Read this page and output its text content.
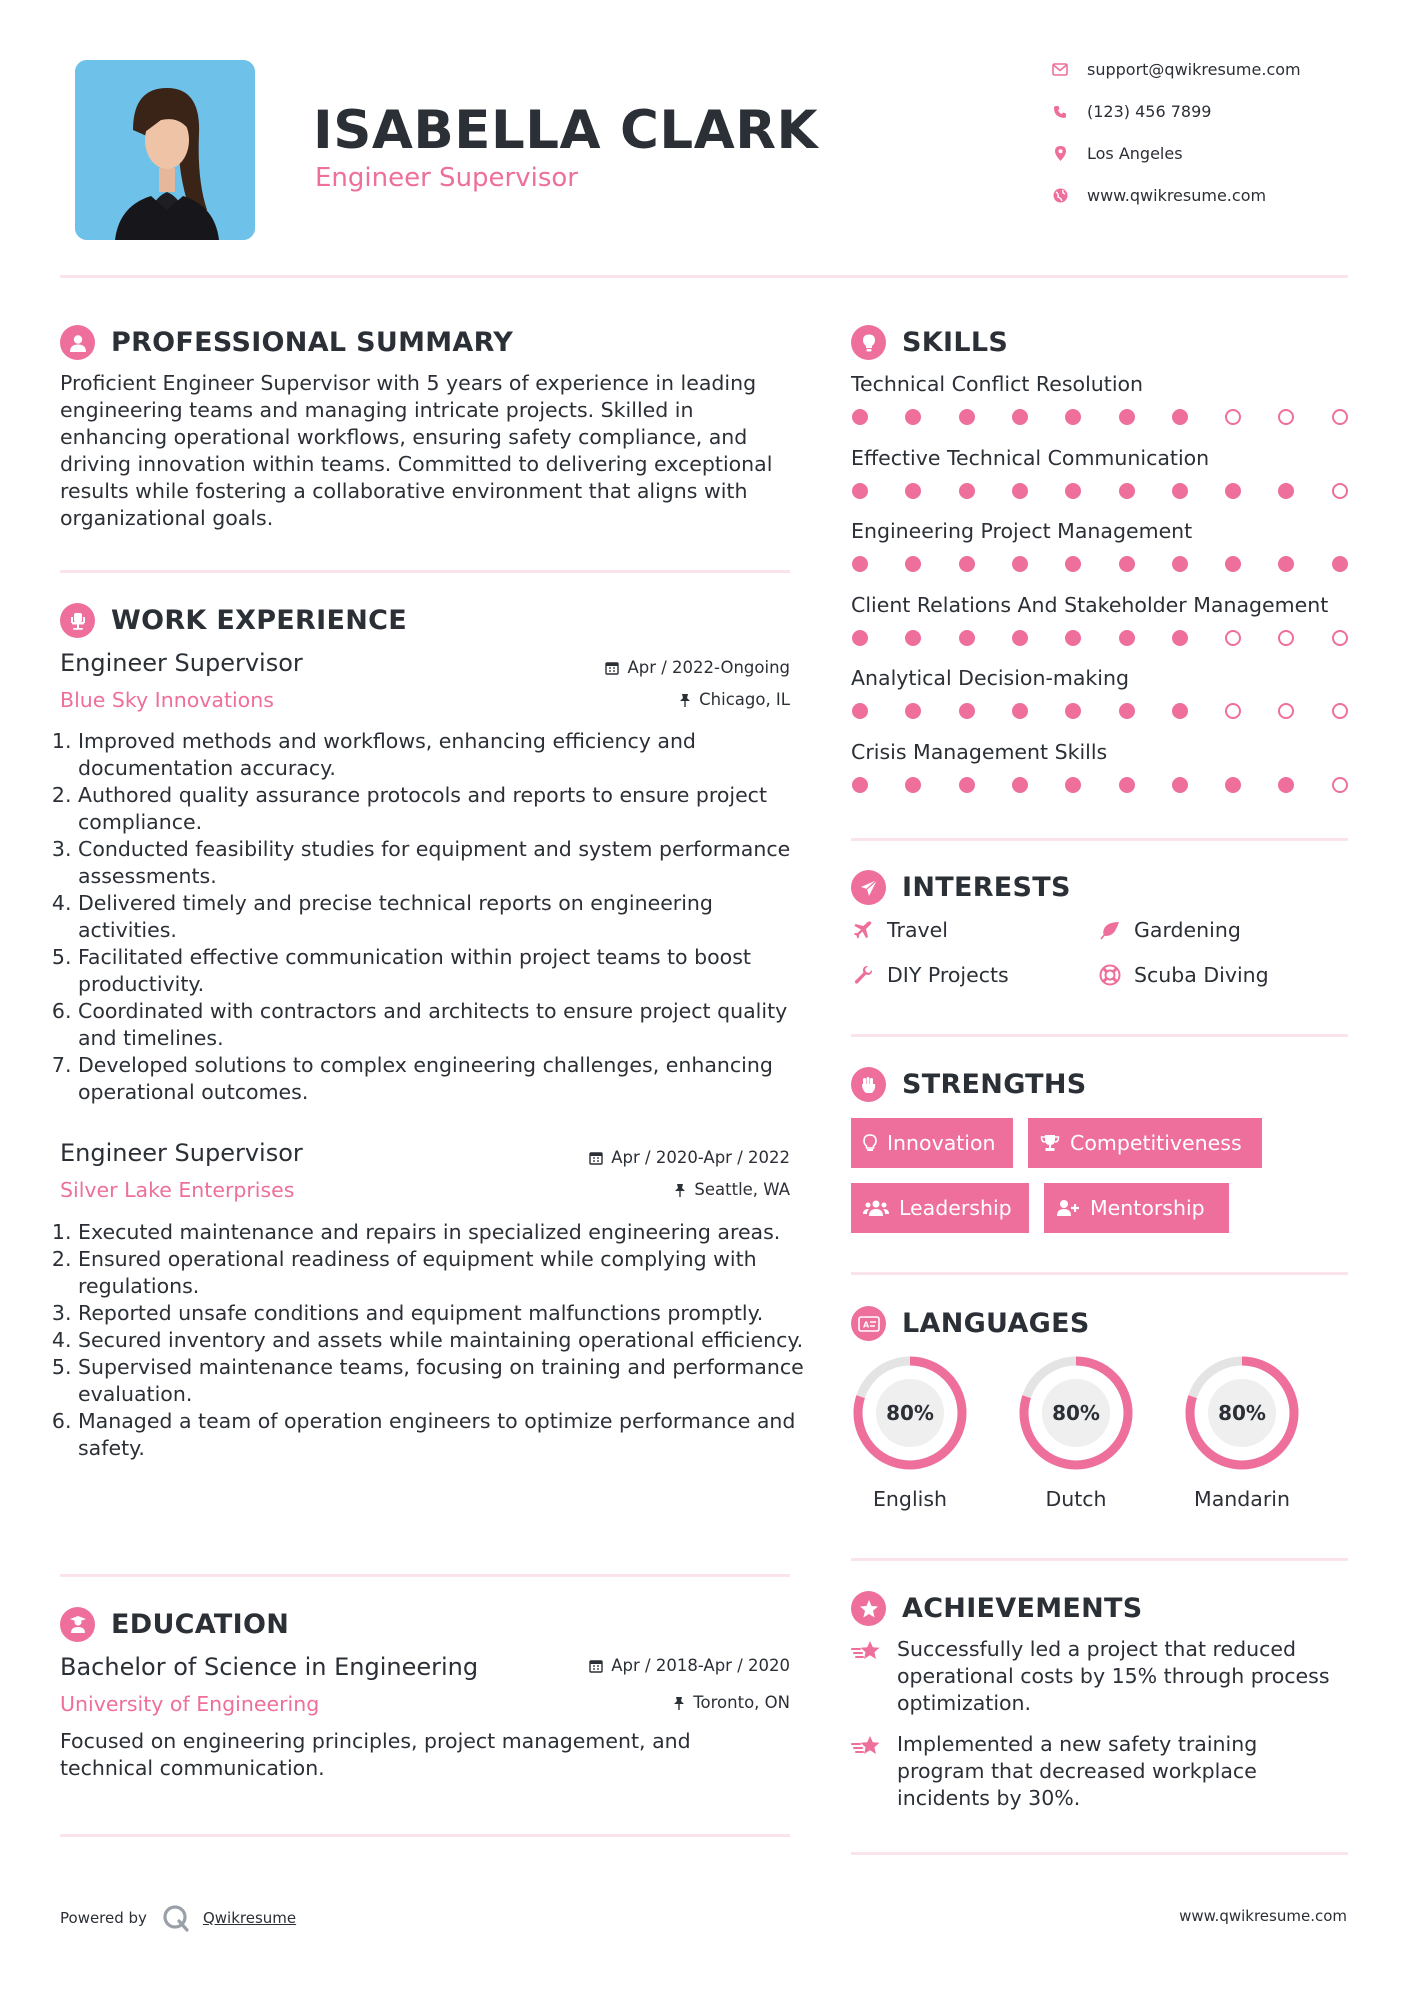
ISABELLA CLARK
Engineer Supervisor
support@qwikresume.com
(123) 456 7899
Los Angeles
www.qwikresume.com
PROFESSIONAL SUMMARY
Proficient Engineer Supervisor with 5 years of experience in leading engineering teams and managing intricate projects. Skilled in enhancing operational workflows, ensuring safety compliance, and driving innovation within teams. Committed to delivering exceptional results while fostering a collaborative environment that aligns with organizational goals.
WORK EXPERIENCE
Engineer Supervisor	Apr / 2022-Ongoing
Blue Sky Innovations	Chicago, IL
1. Improved methods and workflows, enhancing efficiency and documentation accuracy.
2. Authored quality assurance protocols and reports to ensure project compliance.
3. Conducted feasibility studies for equipment and system performance assessments.
4. Delivered timely and precise technical reports on engineering activities.
5. Facilitated effective communication within project teams to boost productivity.
6. Coordinated with contractors and architects to ensure project quality and timelines.
7. Developed solutions to complex engineering challenges, enhancing operational outcomes.
Engineer Supervisor	Apr / 2020-Apr / 2022
Silver Lake Enterprises	Seattle, WA
1. Executed maintenance and repairs in specialized engineering areas.
2. Ensured operational readiness of equipment while complying with regulations.
3. Reported unsafe conditions and equipment malfunctions promptly.
4. Secured inventory and assets while maintaining operational efficiency.
5. Supervised maintenance teams, focusing on training and performance evaluation.
6. Managed a team of operation engineers to optimize performance and safety.
EDUCATION
Bachelor of Science in Engineering	Apr / 2018-Apr / 2020
University of Engineering	Toronto, ON
Focused on engineering principles, project management, and technical communication.
SKILLS
Technical Conflict Resolution
Effective Technical Communication
Engineering Project Management
Client Relations And Stakeholder Management
Analytical Decision-making
Crisis Management Skills
INTERESTS
Travel	Gardening
DIY Projects	Scuba Diving
STRENGTHS
Innovation	Competitiveness
Leadership	Mentorship
A LANGUAGES
80%
English
80%
Dutch
80%
Mandarin
ACHIEVEMENTS
Successfully led a project that reduced operational costs by 15% through process optimization.
Implemented a new safety training program that decreased workplace incidents by 30%.
Powered by	Qwikresume	www.qwikresume.com
